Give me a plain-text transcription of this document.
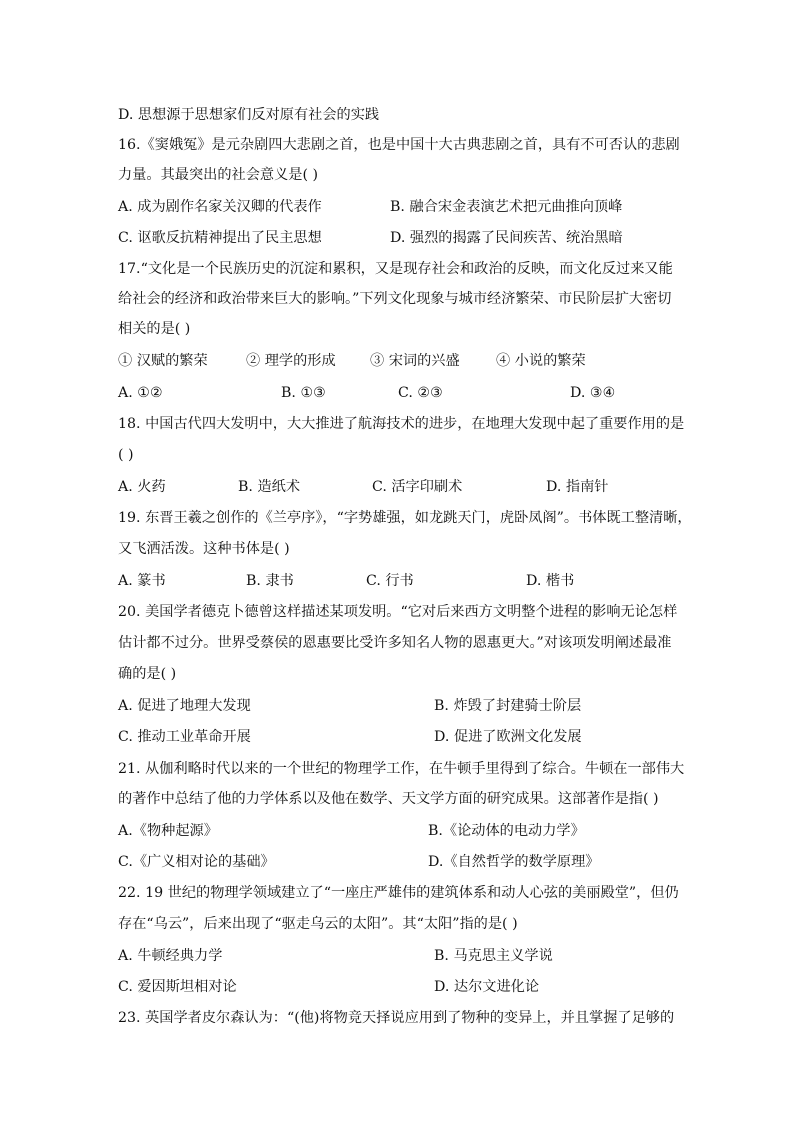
D. 思想源于思想家们反对原有社会的实践
16.《窦娥冤》是元杂剧四大悲剧之首，也是中国十大古典悲剧之首，具有不可否认的悲剧
力量。其最突出的社会意义是( )
A. 成为剧作名家关汉卿的代表作	B. 融合宋金表演艺术把元曲推向顶峰
C. 讴歌反抗精神提出了民主思想	D. 强烈的揭露了民间疾苦、统治黑暗
17.“文化是一个民族历史的沉淀和累积，又是现存社会和政治的反映，而文化反过来又能
给社会的经济和政治带来巨大的影响。”下列文化现象与城市经济繁荣、市民阶层扩大密切
相关的是( )
① 汉赋的繁荣	② 理学的形成 ③ 宋词的兴盛	④ 小说的繁荣
A. ①②	B. ①③	C. ②③	D. ③④
18. 中国古代四大发明中，大大推进了航海技术的进步，在地理大发现中起了重要作用的是
( )
A. 火药	B. 造纸术	C. 活字印刷术	D. 指南针
19. 东晋王羲之创作的《兰亭序》，“字势雄强，如龙跳天门，虎卧凤阁”。书体既工整清晰，
又飞洒活泼。这种书体是( )
A. 篆书	B. 隶书	C. 行书	D. 楷书
20. 美国学者德克卜德曾这样描述某项发明。“它对后来西方文明整个进程的影响无论怎样
估计都不过分。世界受蔡侯的恩惠要比受许多知名人物的恩惠更大。”对该项发明阐述最准
确的是( )
A. 促进了地理大发现	B. 炸毁了封建骑士阶层
C. 推动工业革命开展	D. 促进了欧洲文化发展
21. 从伽利略时代以来的一个世纪的物理学工作，在牛顿手里得到了综合。牛顿在一部伟大
的著作中总结了他的力学体系以及他在数学、天文学方面的研究成果。这部著作是指( )
A.《物种起源》	B.《论动体的电动力学》
C.《广义相对论的基础》	D.《自然哲学的数学原理》
22. 19 世纪的物理学领域建立了“一座庄严雄伟的建筑体系和动人心弦的美丽殿堂”，但仍
存在“乌云”，后来出现了“驱走乌云的太阳”。其“太阳”指的是( )
A. 牛顿经典力学	B. 马克思主义学说
C. 爱因斯坦相对论	D. 达尔文进化论
23. 英国学者皮尔森认为：“(他)将物竞天择说应用到了物种的变异上，并且掌握了足够的
